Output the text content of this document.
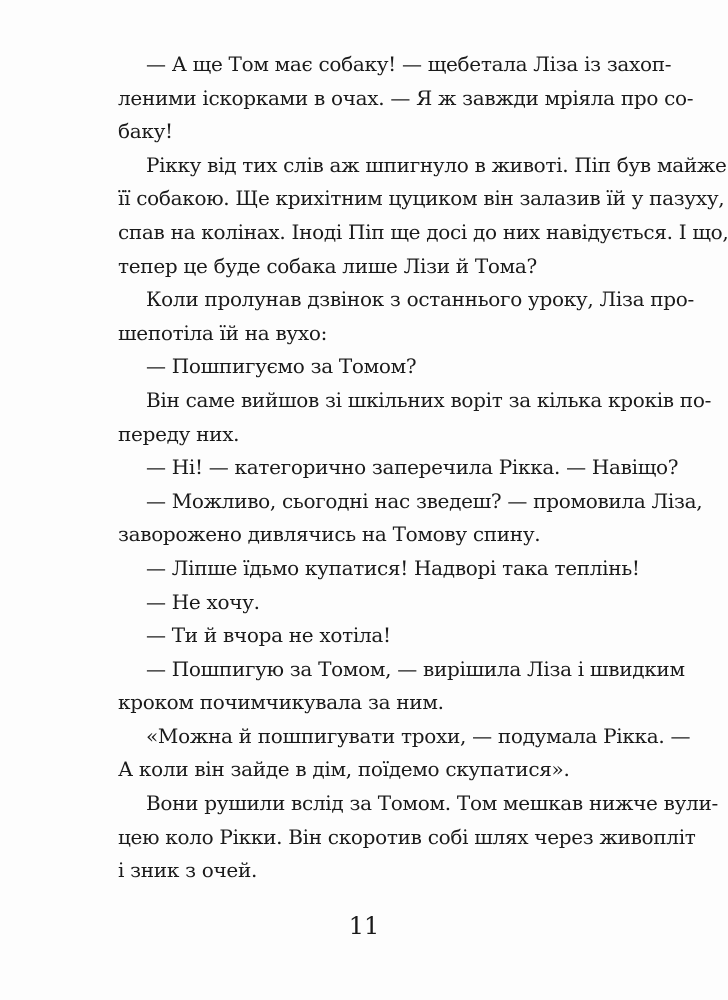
— А ще Том має собаку! — щебетала Ліза із захоп-
леними іскорками в очах. — Я ж завжди мріяла про со-
баку!
Рікку від тих слів аж шпигнуло в животі. Піп був майже
її собакою. Ще крихітним цуциком він залазив їй у пазуху,
спав на колінах. Іноді Піп ще досі до них навідується. І що,
тепер це буде собака лише Лізи й Тома?
Коли пролунав дзвінок з останнього уроку, Ліза про-
шепотіла їй на вухо:
— Пошпигуємо за Томом?
Він саме вийшов зі шкільних воріт за кілька кроків по-
переду них.
— Ні! — категорично заперечила Рікка. — Навіщо?
— Можливо, сьогодні нас зведеш? — промовила Ліза,
заворожено дивлячись на Томову спину.
— Ліпше їдьмо купатися! Надворі така теплінь!
— Не хочу.
— Ти й вчора не хотіла!
— Пошпигую за Томом, — вирішила Ліза і швидким
кроком почимчикувала за ним.
«Можна й пошпигувати трохи, — подумала Рікка. —
А коли він зайде в дім, поїдемо скупатися».
Вони рушили вслід за Томом. Том мешкав нижче вули-
цею коло Рікки. Він скоротив собі шлях через живопліт
і зник з очей.
11
